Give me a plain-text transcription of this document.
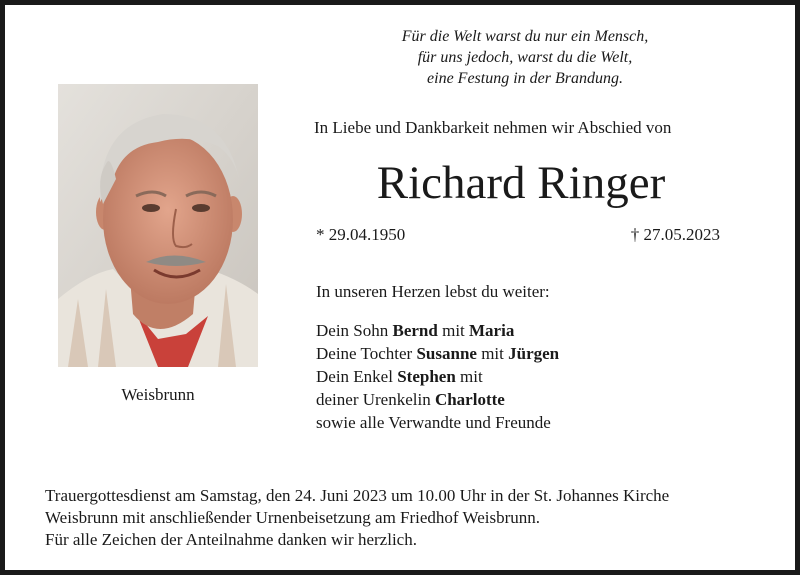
Für die Welt warst du nur ein Mensch,
für uns jedoch, warst du die Welt,
eine Festung in der Brandung.
Weisbrunn
In Liebe und Dankbarkeit nehmen wir Abschied von
Richard Ringer
* 29.04.1950	† 27.05.2023
In unseren Herzen lebst du weiter:
Dein Sohn Bernd mit Maria
Deine Tochter Susanne mit Jürgen
Dein Enkel Stephen mit
deiner Urenkelin Charlotte
sowie alle Verwandte und Freunde
Trauergottesdienst am Samstag, den 24. Juni 2023 um 10.00 Uhr in der St. Johannes Kirche
Weisbrunn mit anschließender Urnenbeisetzung am Friedhof Weisbrunn.
Für alle Zeichen der Anteilnahme danken wir herzlich.
